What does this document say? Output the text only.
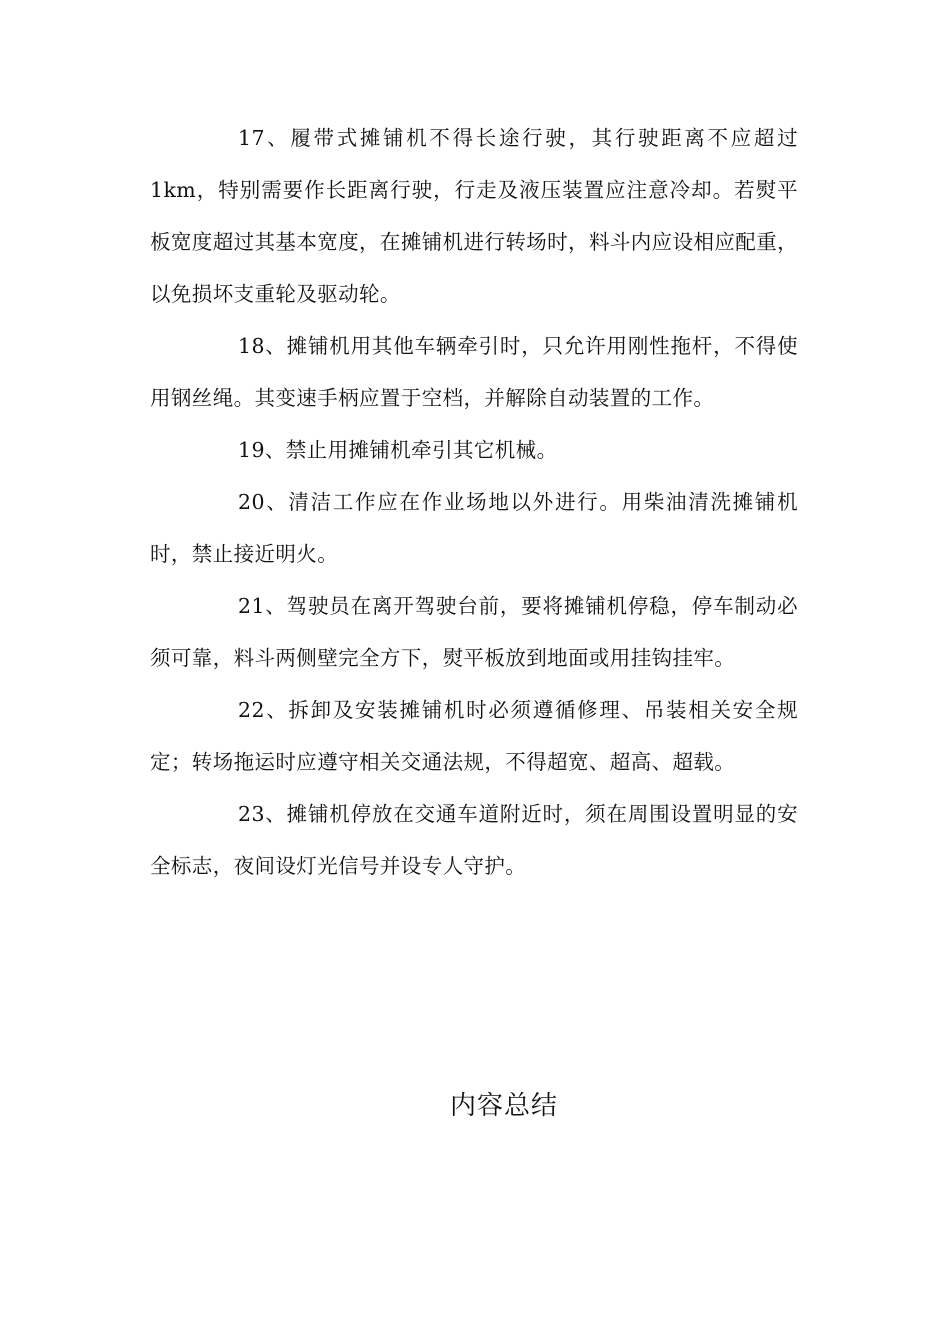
17、履带式摊铺机不得长途行驶，其行驶距离不应超过1km，特别需要作长距离行驶，行走及液压装置应注意冷却。若熨平板宽度超过其基本宽度，在摊铺机进行转场时，料斗内应设相应配重，以免损坏支重轮及驱动轮。

18、摊铺机用其他车辆牵引时，只允许用刚性拖杆，不得使用钢丝绳。其变速手柄应置于空档，并解除自动装置的工作。

19、禁止用摊铺机牵引其它机械。

20、清洁工作应在作业场地以外进行。用柴油清洗摊铺机时，禁止接近明火。

21、驾驶员在离开驾驶台前，要将摊铺机停稳，停车制动必须可靠，料斗两侧壁完全方下，熨平板放到地面或用挂钩挂牢。

22、拆卸及安装摊铺机时必须遵循修理、吊装相关安全规定；转场拖运时应遵守相关交通法规，不得超宽、超高、超载。

23、摊铺机停放在交通车道附近时，须在周围设置明显的安全标志，夜间设灯光信号并设专人守护。

内容总结
